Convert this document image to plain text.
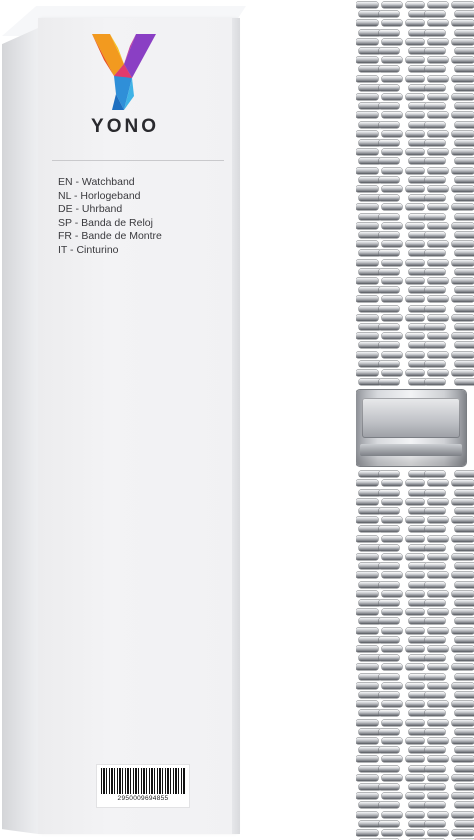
YONO
EN - Watchband
NL - Horlogeband
DE - Uhrband
SP - Banda de Reloj
FR - Bande de Montre
IT - Cinturino
2950009694855
